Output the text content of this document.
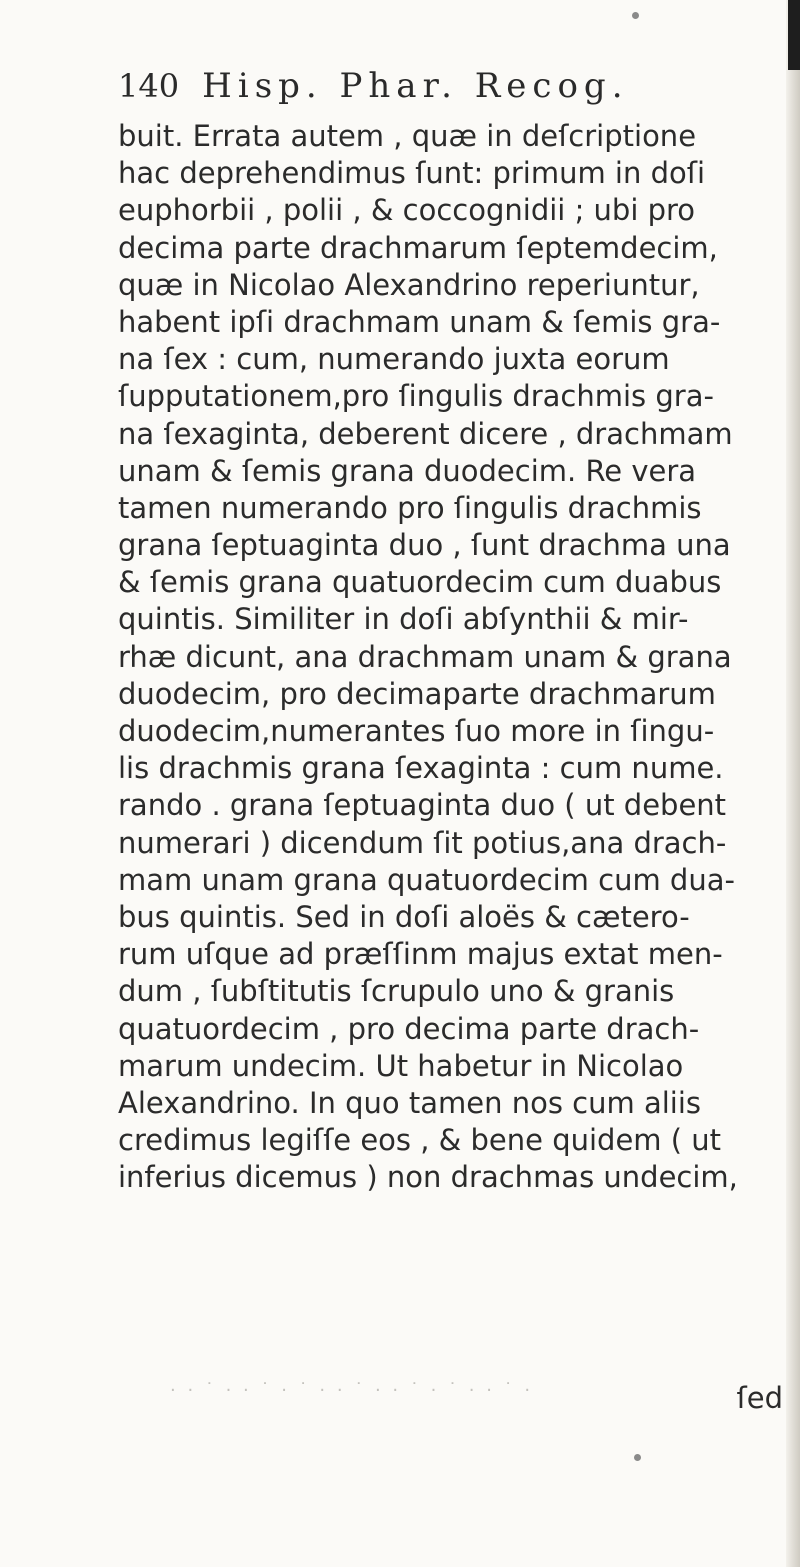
140 Hisp. Phar. Recog.
buit. Errata autem , quæ in deſcriptione
hac deprehendimus ſunt: primum in doſi
euphorbii , polii , & coccognidii ; ubi pro
decima parte drachmarum ſeptemdecim,
quæ in Nicolao Alexandrino reperiuntur,
habent ipſi drachmam unam & ſemis gra-
na ſex : cum, numerando juxta eorum
ſupputationem,pro ſingulis drachmis gra-
na ſexaginta, deberent dicere , drachmam
unam & ſemis grana duodecim. Re vera
tamen numerando pro ſingulis drachmis
grana ſeptuaginta duo , ſunt drachma una
& ſemis grana quatuordecim cum duabus
quintis. Similiter in doſi abſynthii & mir-
rhæ dicunt, ana drachmam unam & grana
duodecim, pro decimaparte drachmarum
duodecim,numerantes ſuo more in ſingu-
lis drachmis grana ſexaginta : cum nume.
rando . grana ſeptuaginta duo ( ut debent
numerari ) dicendum ſit potius,ana drach-
mam unam grana quatuordecim cum dua-
bus quintis. Sed in doſi aloës & cætero-
rum uſque ad præſſinm majus extat men-
dum , ſubſtitutis ſcrupulo uno & granis
quatuordecim , pro decima parte drach-
marum undecim. Ut habetur in Nicolao
Alexandrino. In quo tamen nos cum aliis
credimus legiſſe eos , & bene quidem ( ut
inferius dicemus ) non drachmas undecim,
· · ˙ · · ˙ · ˙ · · ˙ · · ˙ · ˙ · · ˙ ·	ſed
